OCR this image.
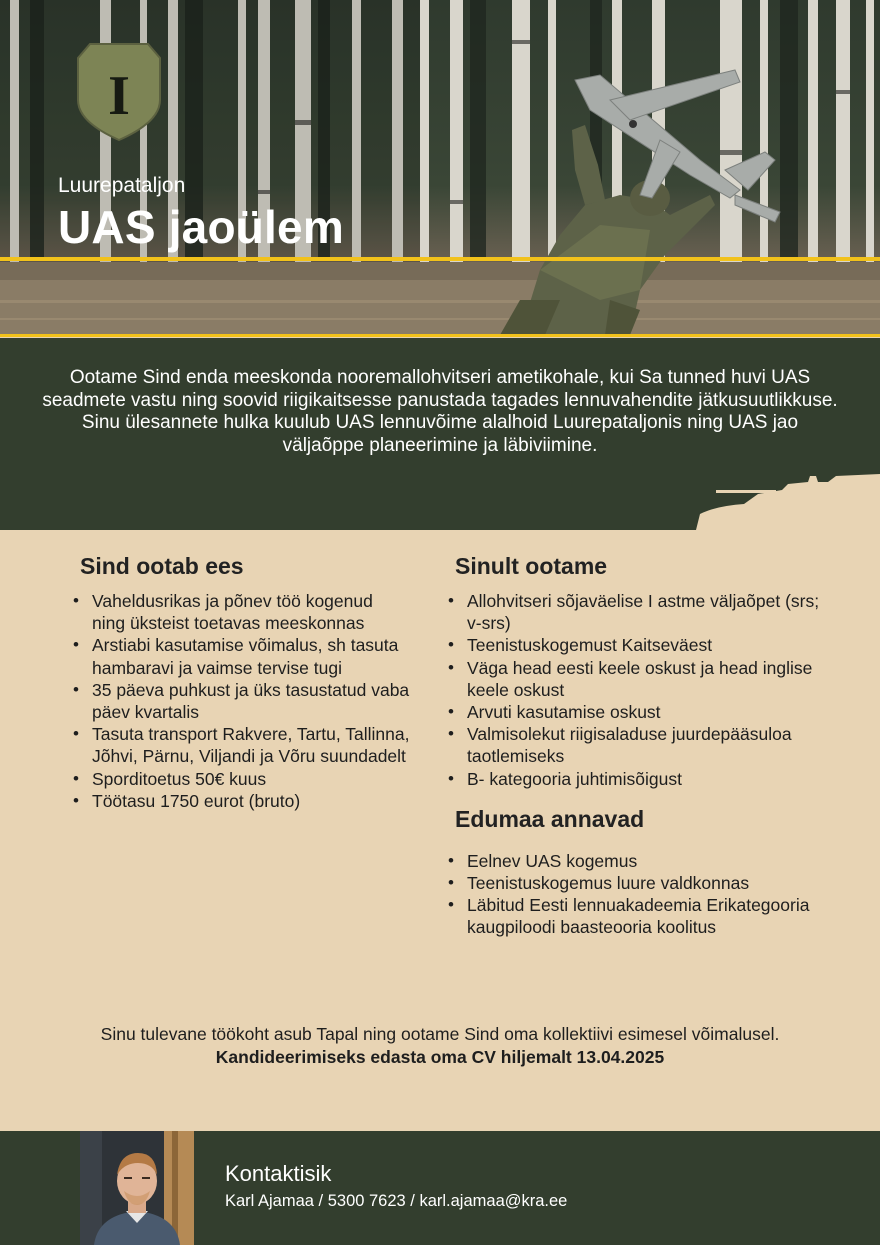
I
Luurepataljon
UAS jaoülem

Ootame Sind enda meeskonda nooremallohvitseri ametikohale, kui Sa tunned huvi UAS seadmete vastu ning soovid riigikaitsesse panustada tagades lennuvahendite jätkusuutlikkuse. Sinu ülesannete hulka kuulub UAS lennuvõime alalhoid Luurepataljonis ning UAS jao väljaõppe planeerimine ja läbiviimine.

Sind ootab ees
• Vaheldusrikas ja põnev töö kogenud ning üksteist toetavas meeskonnas
• Arstiabi kasutamise võimalus, sh tasuta hambaravi ja vaimse tervise tugi
• 35 päeva puhkust ja üks tasustatud vaba päev kvartalis
• Tasuta transport Rakvere, Tartu, Tallinna, Jõhvi, Pärnu, Viljandi ja Võru suundadelt
• Sporditoetus 50€ kuus
• Töötasu 1750 eurot (bruto)
Sinult ootame
• Allohvitseri sõjaväelise I astme väljaõpet (srs; v-srs)
• Teenistuskogemust Kaitseväest
• Väga head eesti keele oskust ja head inglise keele oskust
• Arvuti kasutamise oskust
• Valmisolekut riigisaladuse juurdepääsuloa taotlemiseks
• B- kategooria juhtimisõigust
Edumaa annavad
• Eelnev UAS kogemus
• Teenistuskogemus luure valdkonnas
• Läbitud Eesti lennuakadeemia Erikategooria kaugpiloodi baasteooria koolitus
Sinu tulevane töökoht asub Tapal ning ootame Sind oma kollektiivi esimesel võimalusel.
Kandideerimiseks edasta oma CV hiljemalt 13.04.2025
Kontaktisik
Karl Ajamaa / 5300 7623 / karl.ajamaa@kra.ee
